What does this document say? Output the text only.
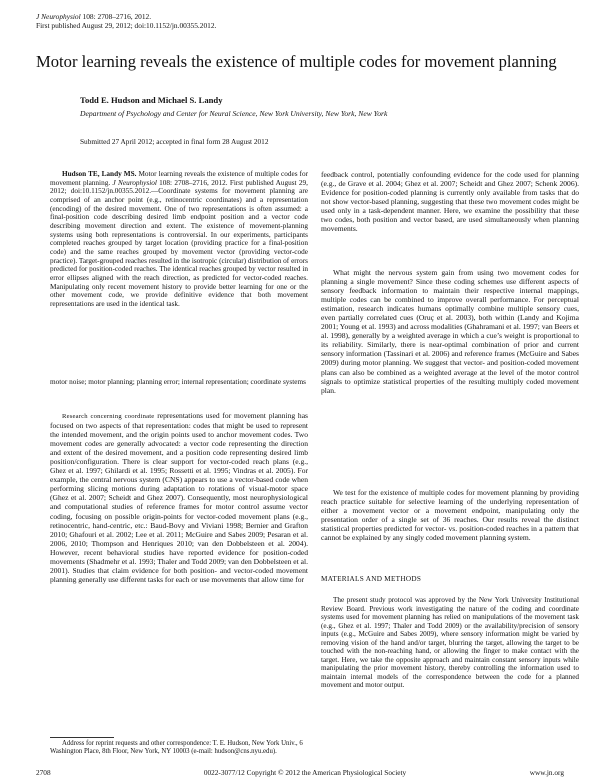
J Neurophysiol 108: 2708–2716, 2012.
First published August 29, 2012; doi:10.1152/jn.00355.2012.
Motor learning reveals the existence of multiple codes for movement planning
Todd E. Hudson and Michael S. Landy
Department of Psychology and Center for Neural Science, New York University, New York, New York
Submitted 27 April 2012; accepted in final form 28 August 2012

Hudson TE, Landy MS. Motor learning reveals the existence of multiple codes for movement planning. J Neurophysiol 108: 2708–2716, 2012. First published August 29, 2012; doi:10.1152/jn.00355.2012.—Coordinate systems for movement planning are comprised of an anchor point (e.g., retinocentric coordinates) and a representation (encoding) of the desired movement. One of two representations is often assumed: a final-position code describing desired limb endpoint position and a vector code describing movement direction and extent. The existence of movement-planning systems using both representations is controversial. In our experiments, participants completed reaches grouped by target location (providing practice for a final-position code) and the same reaches grouped by movement vector (providing vector-code practice). Target-grouped reaches resulted in the isotropic (circular) distribution of errors predicted for position-coded reaches. The identical reaches grouped by vector resulted in error ellipses aligned with the reach direction, as predicted for vector-coded reaches. Manipulating only recent movement history to provide better learning for one or the other movement code, we provide definitive evidence that both movement representations are used in the identical task.

motor noise; motor planning; planning error; internal representation; coordinate systems

Research concerning coordinate representations used for movement planning has focused on two aspects of that representation: codes that might be used to represent the intended movement, and the origin points used to anchor movement codes. Two movement codes are generally advocated: a vector code representing the direction and extent of the desired movement, and a position code representing desired limb position/configuration. There is clear support for vector-coded reach plans (e.g., Ghez et al. 1997; Ghilardi et al. 1995; Rossetti et al. 1995; Vindras et al. 2005). For example, the central nervous system (CNS) appears to use a vector-based code when performing slicing motions during adaptation to rotations of visual-motor space (Ghez et al. 2007; Scheidt and Ghez 2007). Consequently, most neurophysiological and computational studies of reference frames for motor control assume vector coding, focusing on possible origin-points for vector-coded movement plans (e.g., retinocentric, hand-centric, etc.: Baud-Bovy and Viviani 1998; Bernier and Grafton 2010; Ghafouri et al. 2002; Lee et al. 2011; McGuire and Sabes 2009; Pesaran et al. 2006, 2010; Thompson and Henriques 2010; van den Dobbelsteen et al. 2004). However, recent behavioral studies have reported evidence for position-coded movements (Shadmehr et al. 1993; Thaler and Todd 2009; van den Dobbelsteen et al. 2001). Studies that claim evidence for both position- and vector-coded movement planning generally use different tasks for each or use movements that allow time for

feedback control, potentially confounding evidence for the code used for planning (e.g., de Grave et al. 2004; Ghez et al. 2007; Scheidt and Ghez 2007; Schenk 2006). Evidence for position-coded planning is currently only available from tasks that do not show vector-based planning, suggesting that these two movement codes might be used only in a task-dependent manner. Here, we examine the possibility that these two codes, both position and vector based, are used simultaneously when planning movements.
What might the nervous system gain from using two movement codes for planning a single movement? Since these coding schemes use different aspects of sensory feedback information to maintain their respective internal mappings, multiple codes can be combined to improve overall performance. For perceptual estimation, research indicates humans optimally combine multiple sensory cues, even partially correlated cues (Oruç et al. 2003), both within (Landy and Kojima 2001; Young et al. 1993) and across modalities (Ghahramani et al. 1997; van Beers et al. 1998), generally by a weighted average in which a cue’s weight is proportional to its reliability. Similarly, there is near-optimal combination of prior and current sensory information (Tassinari et al. 2006) and reference frames (McGuire and Sabes 2009) during motor planning. We suggest that vector- and position-coded movement plans can also be combined as a weighted average at the level of the motor control signals to optimize statistical properties of the resulting multiply coded movement plan.
We test for the existence of multiple codes for movement planning by providing reach practice suitable for selective learning of the underlying representation of either a movement vector or a movement endpoint, manipulating only the presentation order of a single set of 36 reaches. Our results reveal the distinct statistical properties predicted for vector- vs. position-coded reaches in a pattern that cannot be explained by any singly coded movement planning system.
MATERIALS AND METHODS
The present study protocol was approved by the New York University Institutional Review Board. Previous work investigating the nature of the coding and coordinate systems used for movement planning has relied on manipulations of the movement task (e.g., Ghez et al. 1997; Thaler and Todd 2009) or the availability/precision of sensory inputs (e.g., McGuire and Sabes 2009), where sensory information might be varied by removing vision of the hand and/or target, blurring the target, allowing the target to be touched with the non-reaching hand, or allowing the finger to make contact with the target. Here, we take the opposite approach and maintain constant sensory inputs while manipulating the prior movement history, thereby controlling the information used to maintain internal models of the correspondence between the code for a planned movement and motor output.
Address for reprint requests and other correspondence: T. E. Hudson, New York Univ., 6 Washington Place, 8th Floor, New York, NY 10003 (e-mail: hudson@cns.nyu.edu).
2708	0022-3077/12 Copyright © 2012 the American Physiological Society	www.jn.org
